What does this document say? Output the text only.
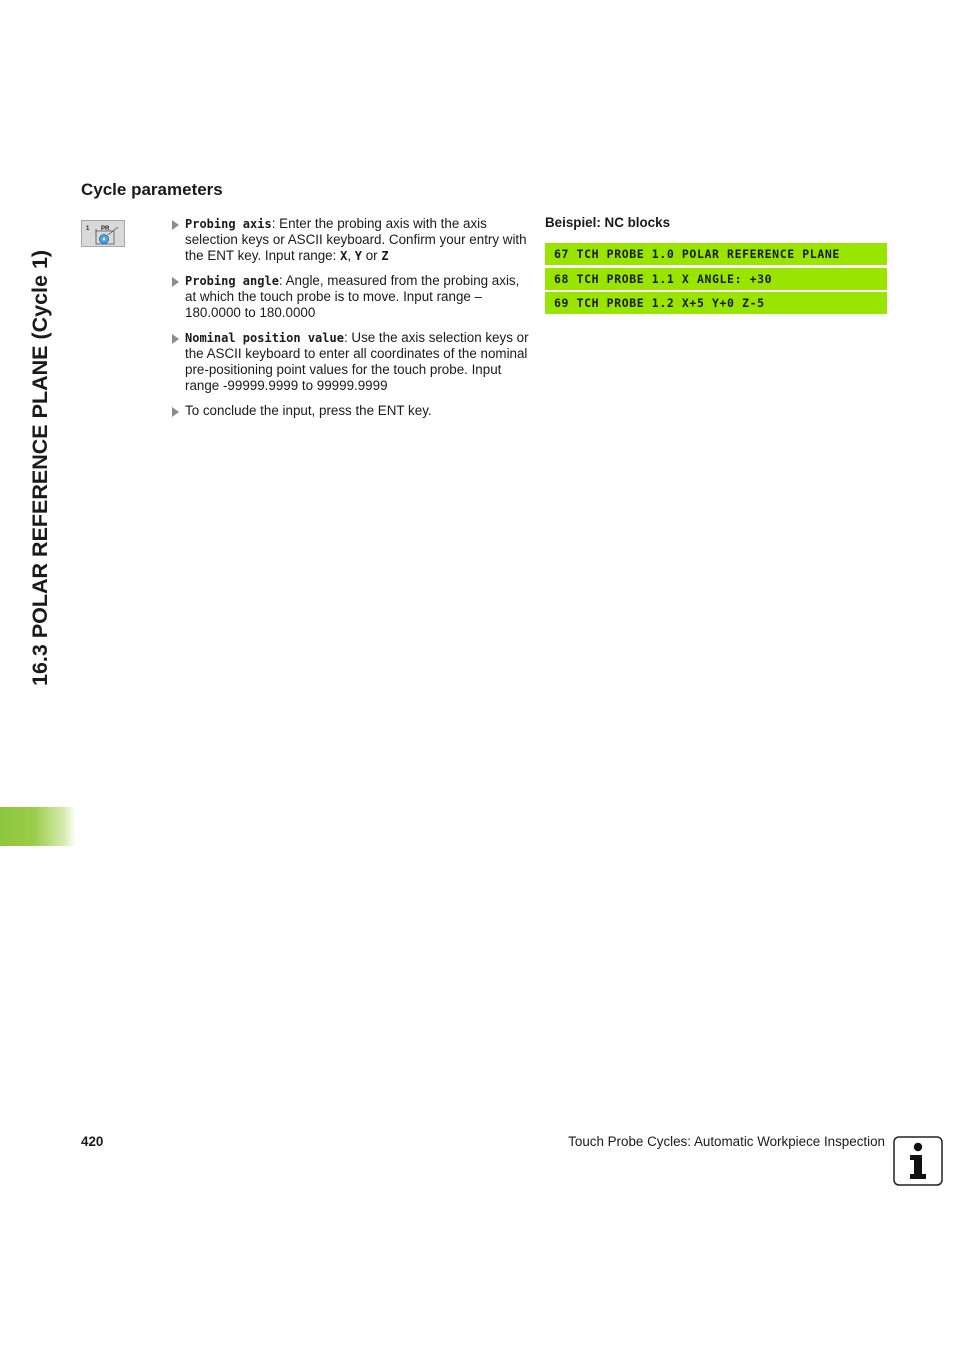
16.3 POLAR REFERENCE PLANE (Cycle 1)
Cycle parameters
1 PR	Probing axis: Enter the probing axis with the axis selection keys or ASCII keyboard. Confirm your entry with the ENT key. Input range: X, Y or Z
Probing angle: Angle, measured from the probing axis, at which the touch probe is to move. Input range –180.0000 to 180.0000
Nominal position value: Use the axis selection keys or the ASCII keyboard to enter all coordinates of the nominal pre-positioning point values for the touch probe. Input range -99999.9999 to 99999.9999
To conclude the input, press the ENT key.
Beispiel: NC blocks
67 TCH PROBE 1.0 POLAR REFERENCE PLANE
68 TCH PROBE 1.1 X ANGLE: +30
69 TCH PROBE 1.2 X+5 Y+0 Z-5
420	Touch Probe Cycles: Automatic Workpiece Inspection
